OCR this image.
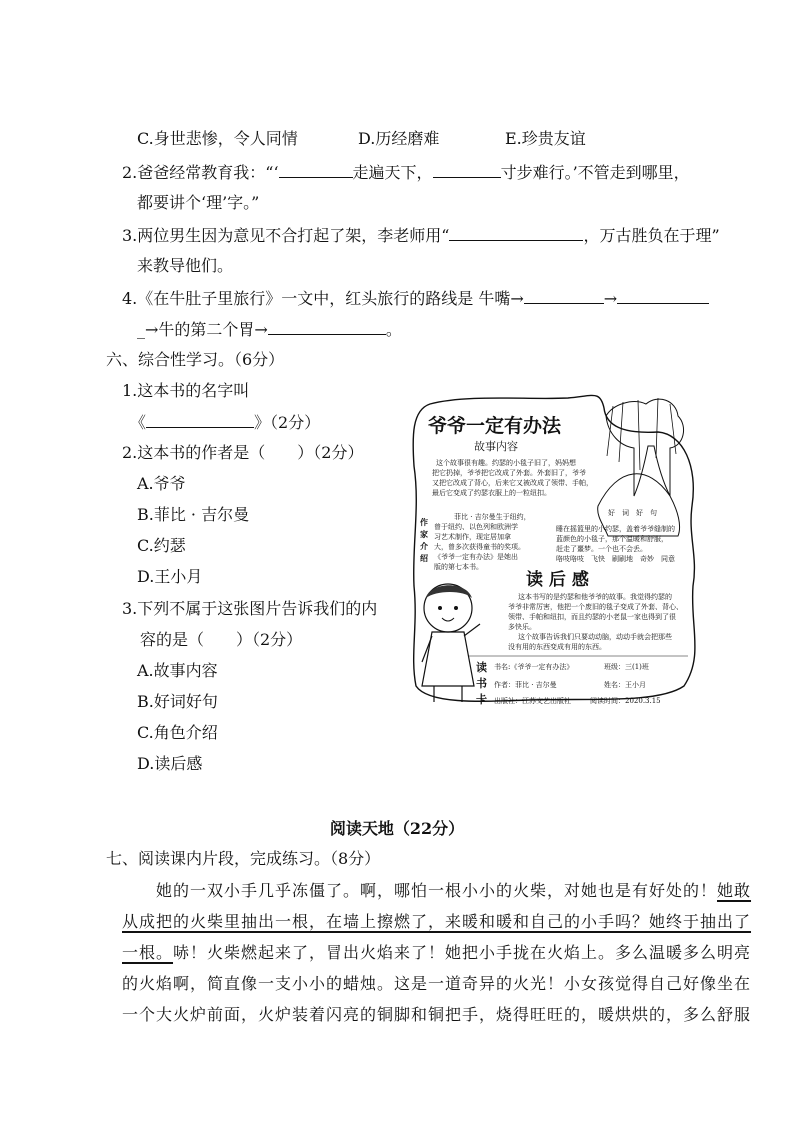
C.身世悲惨，令人同情	D.历经磨难	E.珍贵友谊
2.爸爸经常教育我：“‘	走遍天下，	寸步难行。’不管走到哪里，
都要讲个‘理’字。”
3.两位男生因为意见不合打起了架，李老师用“	，万古胜负在于理”
来教导他们。
4.《在牛肚子里旅行》一文中，红头旅行的路线是 牛嘴→	→
_→牛的第二个胃→	。
六、综合性学习。（6分）
1.这本书的名字叫
《	》（2分）
2.这本书的作者是（　　）（2分）
A.爷爷
B.菲比 · 吉尔曼
C.约瑟
D.王小月
3.下列不属于这张图片告诉我们的内
容的是（　　）（2分）
A.故事内容
B.好词好句
C.角色介绍
D.读后感
爷爷一定有办法
故事内容
这个故事很有趣。约瑟的小毯子旧了，妈妈想
把它扔掉，爷爷把它改成了外套。外套旧了，爷爷
又把它改成了背心，后来它又被改成了领带、手帕，
最后它变成了约瑟衣服上的一粒纽扣。
好　词　好　句
作
家
介
绍
菲比 · 吉尔曼生于纽约，
曾于纽约、以色列和欧洲学
习艺术制作，现定居加拿
大，曾多次获得童书的奖项。
《爷爷一定有办法》是她出
版的第七本书。
睡在摇篮里的小约瑟，盖着爷爷缝制的
蓝颜色的小毯子，那个温暖和舒服，
赶走了噩梦。一个也不会丢。
咯吱咯吱　飞快　刷刷地　奇妙　同意
读 后 感
这本书写的是约瑟和他爷爷的故事。我觉得约瑟的
爷爷非常厉害，他把一个废旧的毯子变成了外套、背心、
领带、手帕和纽扣，而且约瑟的小老鼠一家也得到了很
多快乐。
这个故事告诉我们只要动动脑，动动手就会把那些
没有用的东西变成有用的东西。
读
书
卡
书名:《爷爷一定有办法》	班级：三(1)班
作者：菲比 · 吉尔曼	姓名：王小月
出版社：江苏文艺出版社	阅读时间：2020.3.15
阅读天地（22分）
七、阅读课内片段，完成练习。（8分）
她的一双小手几乎冻僵了。啊，哪怕一根小小的火柴，对她也是有好处的！她敢
从成把的火柴里抽出一根，在墙上擦燃了，来暖和暖和自己的小手吗？她终于抽出了
一根。哧！火柴燃起来了，冒出火焰来了！她把小手拢在火焰上。多么温暖多么明亮
的火焰啊，简直像一支小小的蜡烛。这是一道奇异的火光！小女孩觉得自己好像坐在
一个大火炉前面，火炉装着闪亮的铜脚和铜把手，烧得旺旺的，暖烘烘的，多么舒服
